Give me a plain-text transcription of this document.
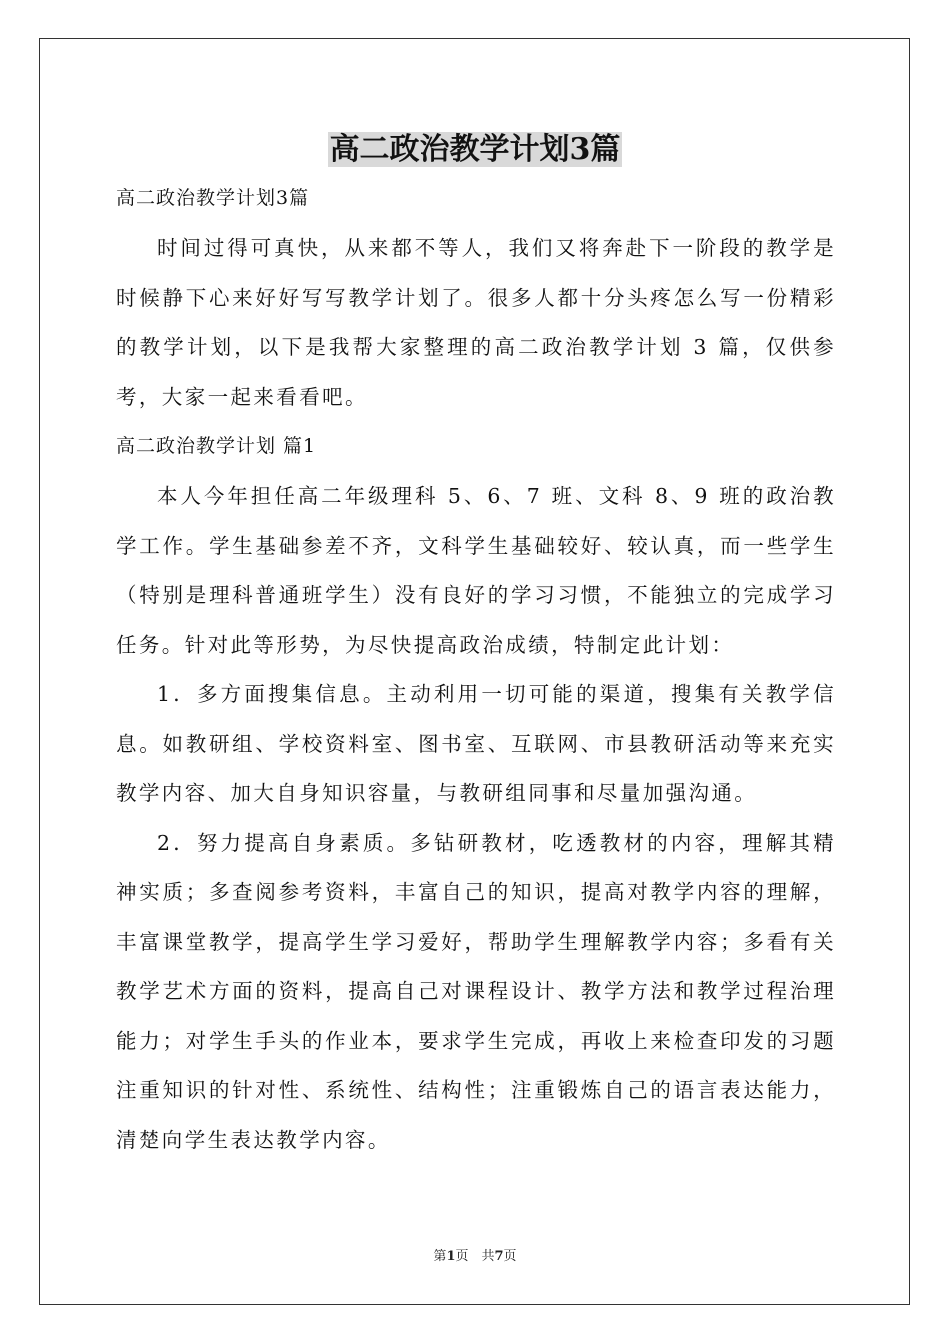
高二政治教学计划3篇

高二政治教学计划3篇

时间过得可真快，从来都不等人，我们又将奔赴下一阶段的教学是时候静下心来好好写写教学计划了。很多人都十分头疼怎么写一份精彩的教学计划，以下是我帮大家整理的高二政治教学计划 3 篇，仅供参考，大家一起来看看吧。

高二政治教学计划 篇1

本人今年担任高二年级理科 5、6、7 班、文科 8、9 班的政治教学工作。学生基础参差不齐，文科学生基础较好、较认真，而一些学生（特别是理科普通班学生）没有良好的学习习惯，不能独立的完成学习任务。针对此等形势，为尽快提高政治成绩，特制定此计划：

1．多方面搜集信息。主动利用一切可能的渠道，搜集有关教学信息。如教研组、学校资料室、图书室、互联网、市县教研活动等来充实教学内容、加大自身知识容量，与教研组同事和尽量加强沟通。

2．努力提高自身素质。多钻研教材，吃透教材的内容，理解其精神实质；多查阅参考资料，丰富自己的知识，提高对教学内容的理解，丰富课堂教学，提高学生学习爱好，帮助学生理解教学内容；多看有关教学艺术方面的资料，提高自己对课程设计、教学方法和教学过程治理能力；对学生手头的作业本，要求学生完成，再收上来检查印发的习题注重知识的针对性、系统性、结构性；注重锻炼自己的语言表达能力，清楚向学生表达教学内容。

第1页　共7页
